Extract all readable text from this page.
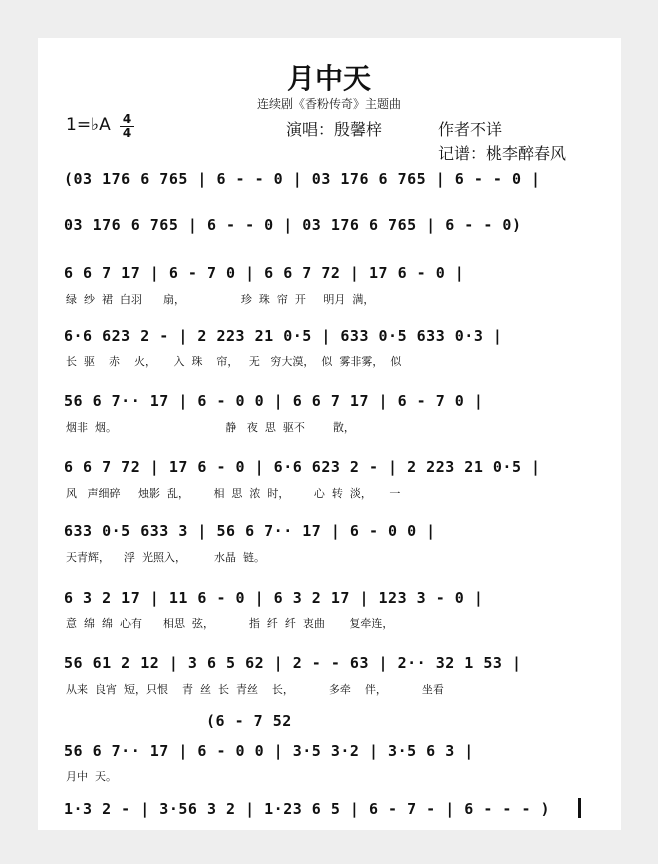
月中天
连续剧《香粉传奇》主题曲
1=♭A 4
4	演唱：殷馨梓	作者不详
记谱：桃李醉春风
(03 176 6 765 | 6 - - 0 | 03 176 6 765 | 6 - - 0 |
03 176 6 765 | 6 - - 0 | 03 176 6 765 | 6 - - 0)
6 6 7 17 | 6 - 7 0 | 6 6 7 72 | 17 6 - 0 |
绿  纱  裙  白羽      扇，                珍  珠  帘  开     明月  满，
6·6 623 2 - | 2 223 21 0·5 | 633 0·5 633 0·3 |
长  驱    赤    火，     入  珠    帘，   无   穷大漠，  似  雾非雾，  似
56 6 7·· 17 | 6 - 0 0 | 6 6 7 17 | 6 - 7 0 |
烟非  烟。                               静   夜  思  驱不        散，
6 6 7 72 | 17 6 - 0 | 6·6 623 2 - | 2 223 21 0·5 |
风   声细碎     烛影  乱，       相  思  浓  时，       心  转  淡，     一
633 0·5 633 3 | 56 6 7·· 17 | 6 - 0 0 |
天青辉，    浮  光照入，        水晶  链。
6 3 2 17 | 11 6 - 0 | 6 3 2 17 | 123 3 - 0 |
意  绵  绵  心有      相思  弦，          指  纤  纤  衷曲       复牵连，
56 61 2 12 | 3 6 5 62 | 2 - - 63 | 2·· 32 1 53 |
从来  良宵  短，只恨    青  丝  长  青丝    长，          多牵    伴，          坐看
(6 - 7 52
56 6 7·· 17 | 6 - 0 0 | 3·5 3·2 | 3·5 6 3 |
月中  天。
1·3 2 - | 3·56 3 2 | 1·23 6 5 | 6 - 7 - | 6 - - - )
